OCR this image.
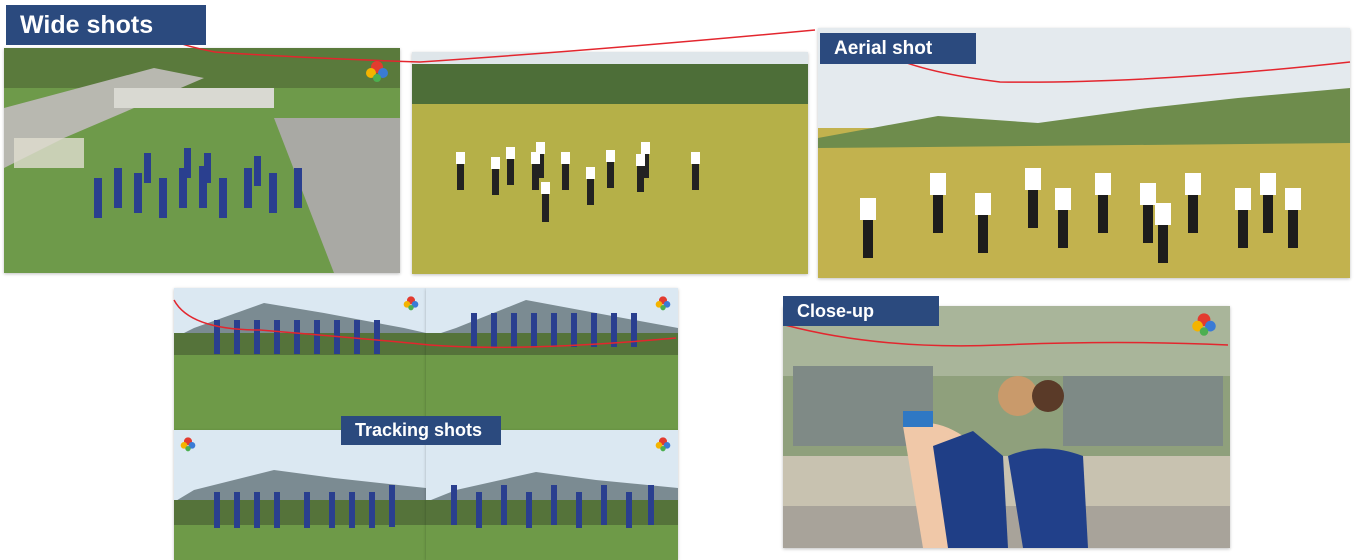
Wide shots
Aerial shot
Close-up
Tracking shots
